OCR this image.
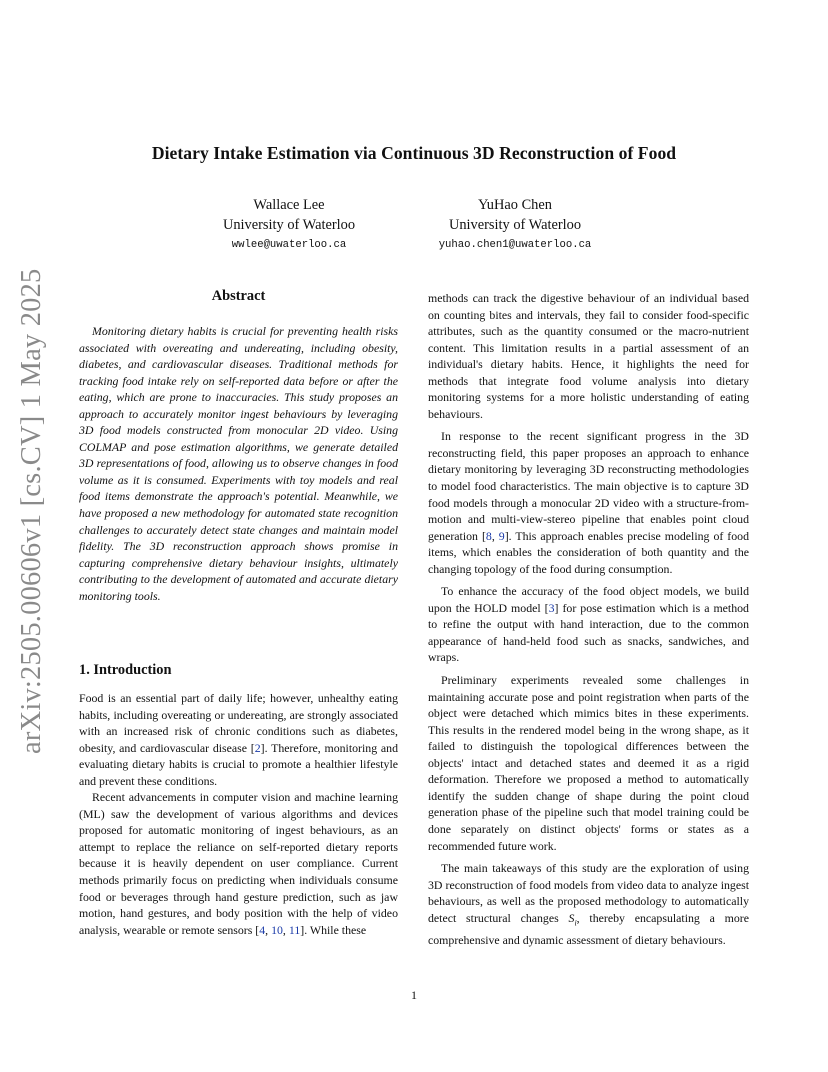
arXiv:2505.00606v1 [cs.CV] 1 May 2025
Dietary Intake Estimation via Continuous 3D Reconstruction of Food
Wallace Lee
University of Waterloo
wwlee@uwaterloo.ca
YuHao Chen
University of Waterloo
yuhao.chen1@uwaterloo.ca
Abstract

Monitoring dietary habits is crucial for preventing health risks associated with overeating and undereating, including obesity, diabetes, and cardiovascular diseases. Traditional methods for tracking food intake rely on self-reported data before or after the eating, which are prone to inaccuracies. This study proposes an approach to accurately monitor ingest behaviours by leveraging 3D food models constructed from monocular 2D video. Using COLMAP and pose estimation algorithms, we generate detailed 3D representations of food, allowing us to observe changes in food volume as it is consumed. Experiments with toy models and real food items demonstrate the approach's potential. Meanwhile, we have proposed a new methodology for automated state recognition challenges to accurately detect state changes and maintain model fidelity. The 3D reconstruction approach shows promise in capturing comprehensive dietary behaviour insights, ultimately contributing to the development of automated and accurate dietary monitoring tools.

1. Introduction

Food is an essential part of daily life; however, unhealthy eating habits, including overeating or undereating, are strongly associated with an increased risk of chronic conditions such as diabetes, obesity, and cardiovascular disease [2]. Therefore, monitoring and evaluating dietary habits is crucial to promote a healthier lifestyle and prevent these conditions.

Recent advancements in computer vision and machine learning (ML) saw the development of various algorithms and devices proposed for automatic monitoring of ingest behaviours, as an attempt to replace the reliance on self-reported dietary reports because it is heavily dependent on user compliance. Current methods primarily focus on predicting when individuals consume food or beverages through hand gesture prediction, such as jaw motion, hand gestures, and body position with the help of video analysis, wearable or remote sensors [4, 10, 11]. While these

methods can track the digestive behaviour of an individual based on counting bites and intervals, they fail to consider food-specific attributes, such as the quantity consumed or the macro-nutrient content. This limitation results in a partial assessment of an individual's dietary habits. Hence, it highlights the need for methods that integrate food volume analysis into dietary monitoring systems for a more holistic understanding of eating behaviours.

In response to the recent significant progress in the 3D reconstructing field, this paper proposes an approach to enhance dietary monitoring by leveraging 3D reconstructing methodologies to model food characteristics. The main objective is to capture 3D food models through a monocular 2D video with a structure-from-motion and multi-view-stereo pipeline that enables point cloud generation [8, 9]. This approach enables precise modeling of food items, which enables the consideration of both quantity and the changing topology of the food during consumption.

To enhance the accuracy of the food object models, we build upon the HOLD model [3] for pose estimation which is a method to refine the output with hand interaction, due to the common appearance of hand-held food such as snacks, sandwiches, and wraps.

Preliminary experiments revealed some challenges in maintaining accurate pose and point registration when parts of the object were detached which mimics bites in these experiments. This results in the rendered model being in the wrong shape, as it failed to distinguish the topological differences between the objects' intact and detached states and deemed it as a rigid deformation. Therefore we proposed a method to automatically identify the sudden change of shape during the point cloud generation phase of the pipeline such that model training could be done separately on distinct objects' forms or states as a recommended future work.

The main takeaways of this study are the exploration of using 3D reconstruction of food models from video data to analyze ingest behaviours, as well as the proposed methodology to automatically detect structural changes $S_i$, thereby encapsulating a more comprehensive and dynamic assessment of dietary behaviours.

1
